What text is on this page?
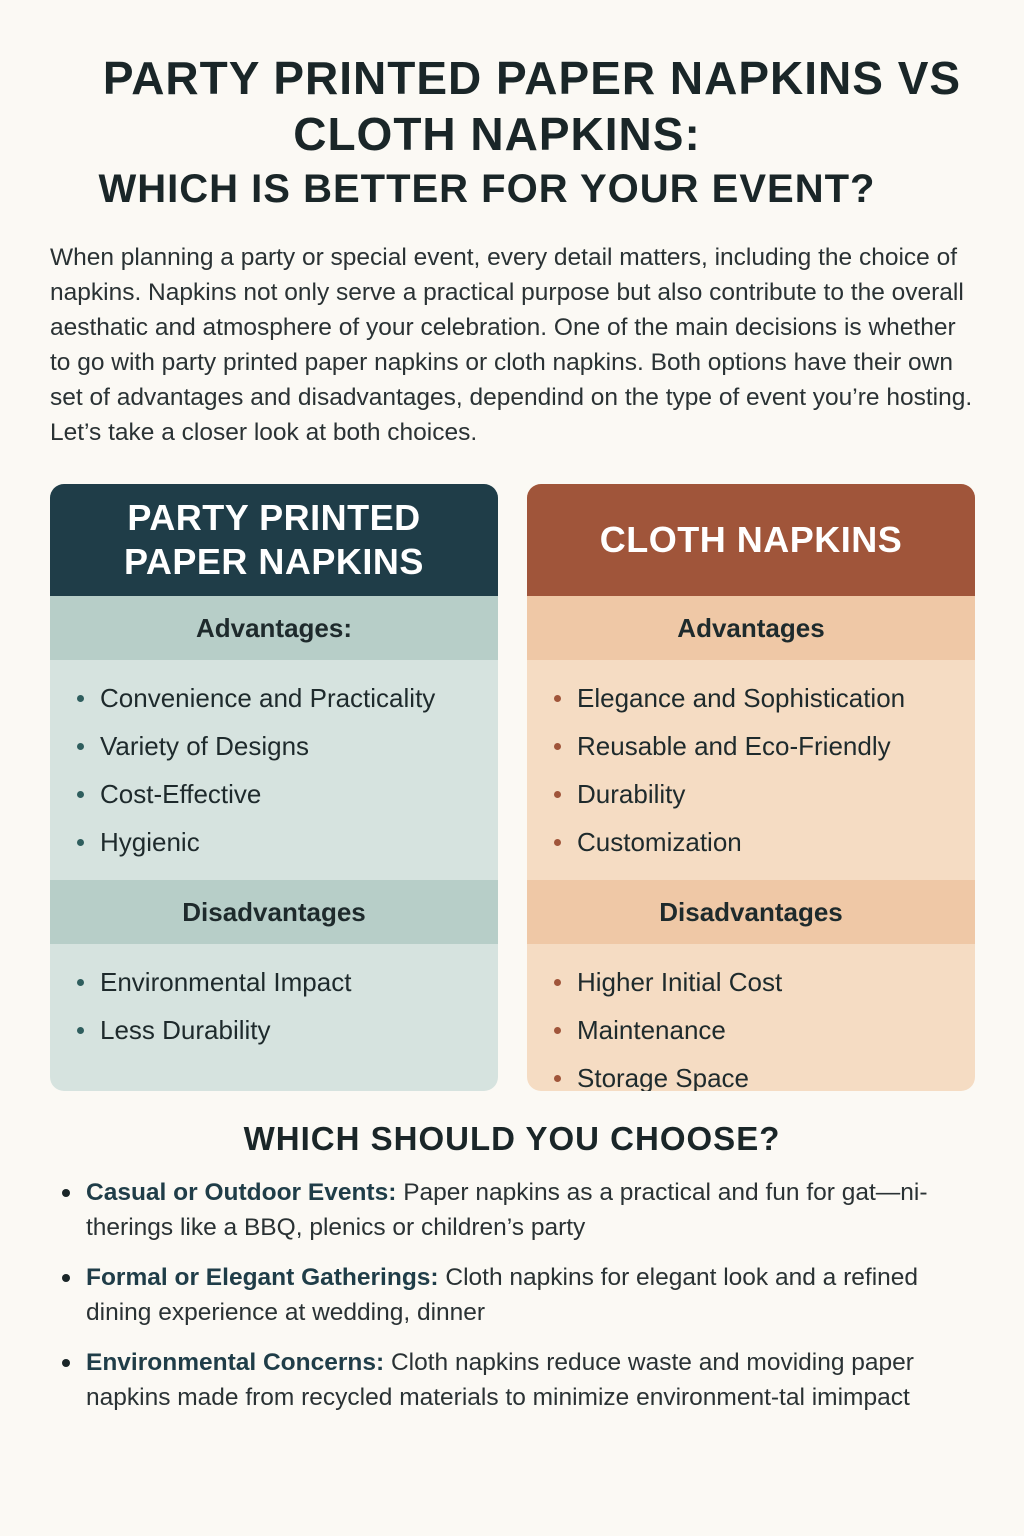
PARTY PRINTED PAPER NAPKINS VS
CLOTH NAPKINS:
WHICH IS BETTER FOR YOUR EVENT?

When planning a party or special event, every detail matters, including the choice of napkins. Napkins not only serve a practical purpose but also contribute to the overall aesthatic and atmosphere of your celebration. One of the main decisions is whether to go with party printed paper napkins or cloth napkins. Both options have their own set of advantages and disadvantages, dependind on the type of event you’re hosting. Let’s take a closer look at both choices.

PARTY PRINTED
PAPER NAPKINS
Advantages:
Convenience and Practicality
Variety of Designs
Cost-Effective
Hygienic
Disadvantages
Environmental Impact
Less Durability
CLOTH NAPKINS
Advantages
Elegance and Sophistication
Reusable and Eco-Friendly
Durability
Customization
Disadvantages
Higher Initial Cost
Maintenance
Storage Space
WHICH SHOULD YOU CHOOSE?
Casual or Outdoor Events: Paper napkins as a practical and fun for gat—ni-therings like a BBQ, plenics or children’s party
Formal or Elegant Gatherings: Cloth napkins for elegant look and a refined dining experience at wedding, dinner
Environmental Concerns: Cloth napkins reduce waste and moviding paper napkins made from recycled materials to minimize environment-tal imimpact
